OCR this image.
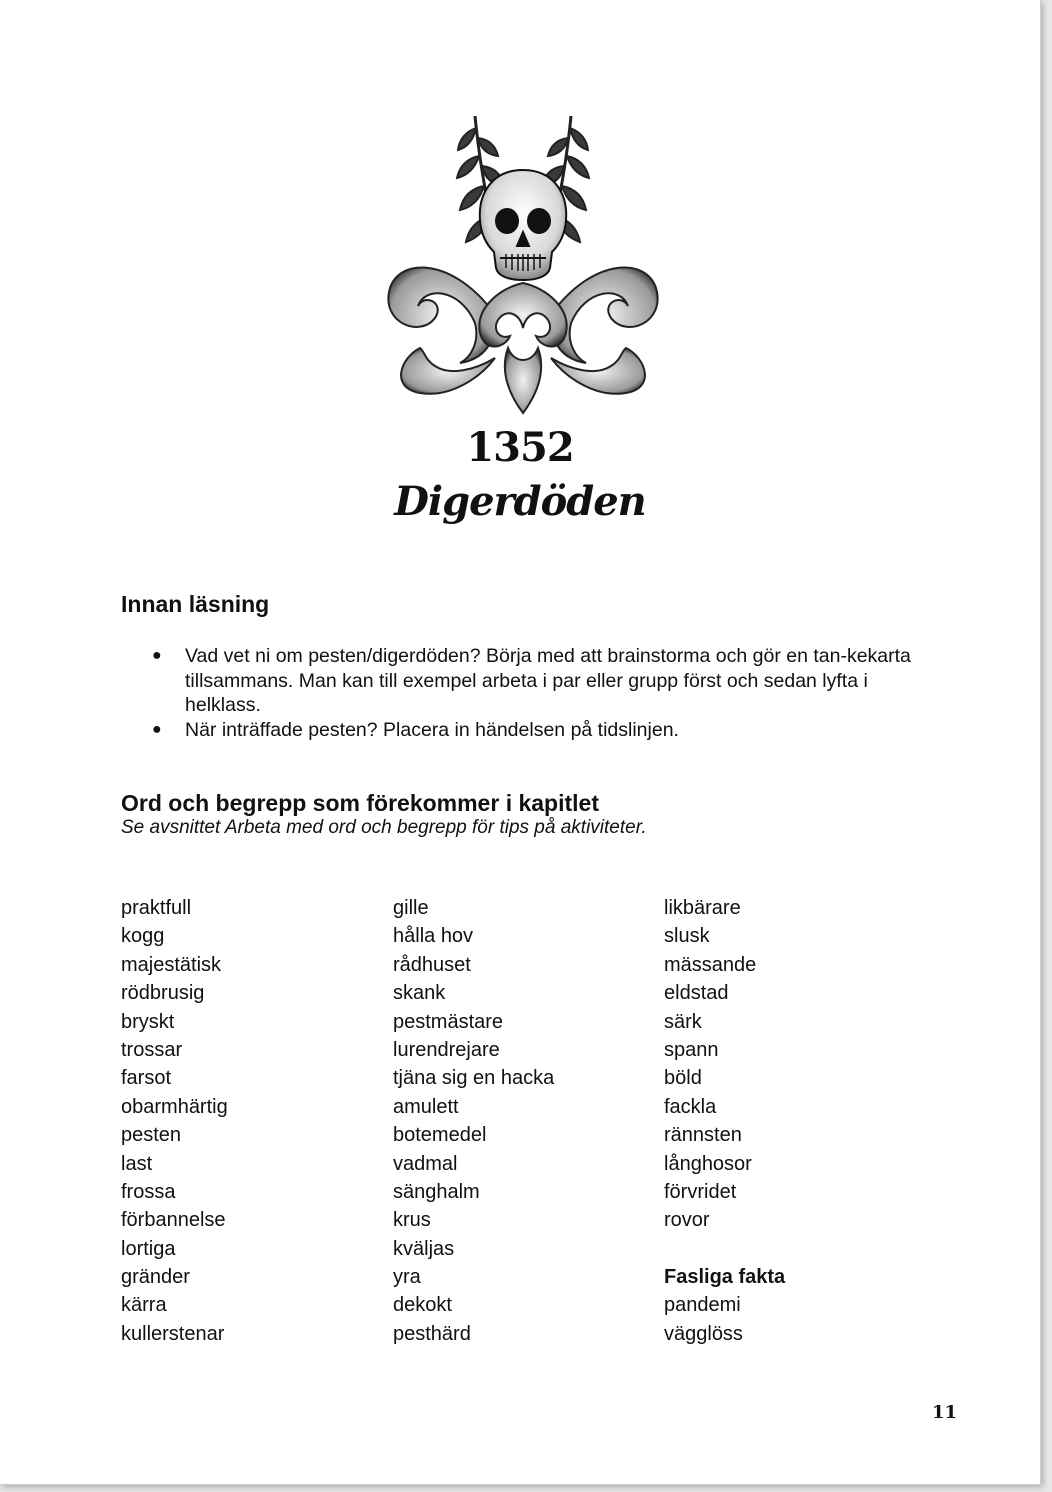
1352
Digerdöden
Innan läsning
● Vad vet ni om pesten/digerdöden? Börja med att brainstorma och gör en tan-kekarta tillsammans. Man kan till exempel arbeta i par eller grupp först och sedan lyfta i helklass.
● När inträffade pesten? Placera in händelsen på tidslinjen.
Ord och begrepp som förekommer i kapitlet
Se avsnittet Arbeta med ord och begrepp för tips på aktiviteter.
praktfull
kogg
majestätisk
rödbrusig
bryskt
trossar
farsot
obarmhärtig
pesten
last
frossa
förbannelse
lortiga
gränder
kärra
kullerstenar
gille
hålla hov
rådhuset
skank
pestmästare
lurendrejare
tjäna sig en hacka
amulett
botemedel
vadmal
sänghalm
krus
kväljas
yra
dekokt
pesthärd
likbärare
slusk
mässande
eldstad
särk
spann
böld
fackla
rännsten
långhosor
förvridet
rovor
Fasliga fakta
pandemi
vägglöss
11
